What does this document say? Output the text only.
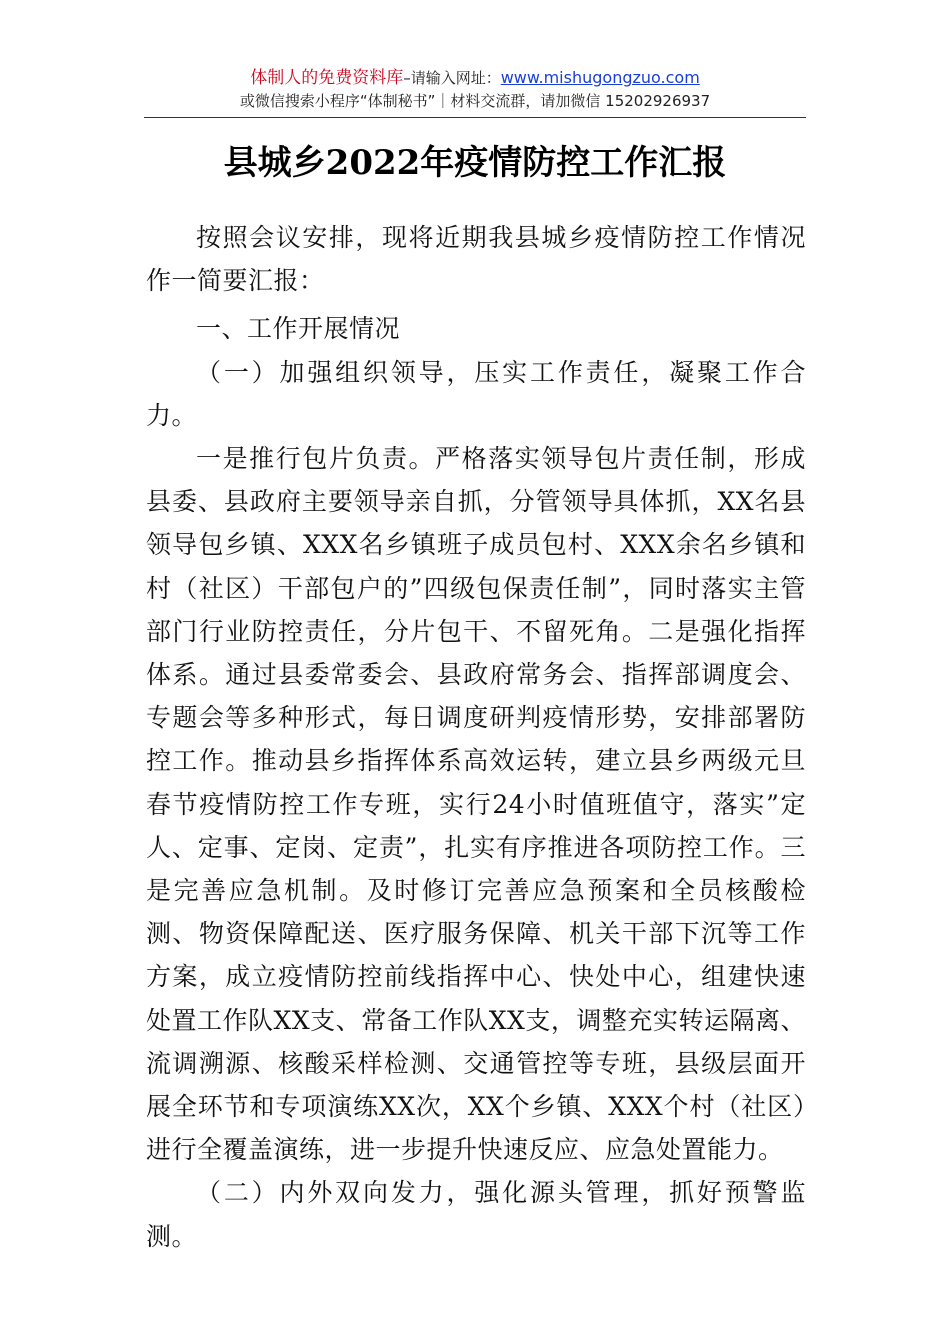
体制人的免费资料库–请输入网址：www.mishugongzuo.com
或微信搜索小程序“体制秘书”｜材料交流群，请加微信 15202926937
县城乡2022年疫情防控工作汇报

按照会议安排，现将近期我县城乡疫情防控工作情况作一简要汇报：

一、工作开展情况

（一）加强组织领导，压实工作责任，凝聚工作合力。

一是推行包片负责。严格落实领导包片责任制，形成县委、县政府主要领导亲自抓，分管领导具体抓，XX名县领导包乡镇、XXX名乡镇班子成员包村、XXX余名乡镇和村（社区）干部包户的”四级包保责任制”，同时落实主管部门行业防控责任，分片包干、不留死角。二是强化指挥体系。通过县委常委会、县政府常务会、指挥部调度会、专题会等多种形式，每日调度研判疫情形势，安排部署防控工作。推动县乡指挥体系高效运转，建立县乡两级元旦春节疫情防控工作专班，实行24小时值班值守，落实”定人、定事、定岗、定责”，扎实有序推进各项防控工作。三是完善应急机制。及时修订完善应急预案和全员核酸检测、物资保障配送、医疗服务保障、机关干部下沉等工作方案，成立疫情防控前线指挥中心、快处中心，组建快速处置工作队XX支、常备工作队XX支，调整充实转运隔离、流调溯源、核酸采样检测、交通管控等专班，县级层面开展全环节和专项演练XX次，XX个乡镇、XXX个村（社区）进行全覆盖演练，进一步提升快速反应、应急处置能力。

（二）内外双向发力，强化源头管理，抓好预警监测。
